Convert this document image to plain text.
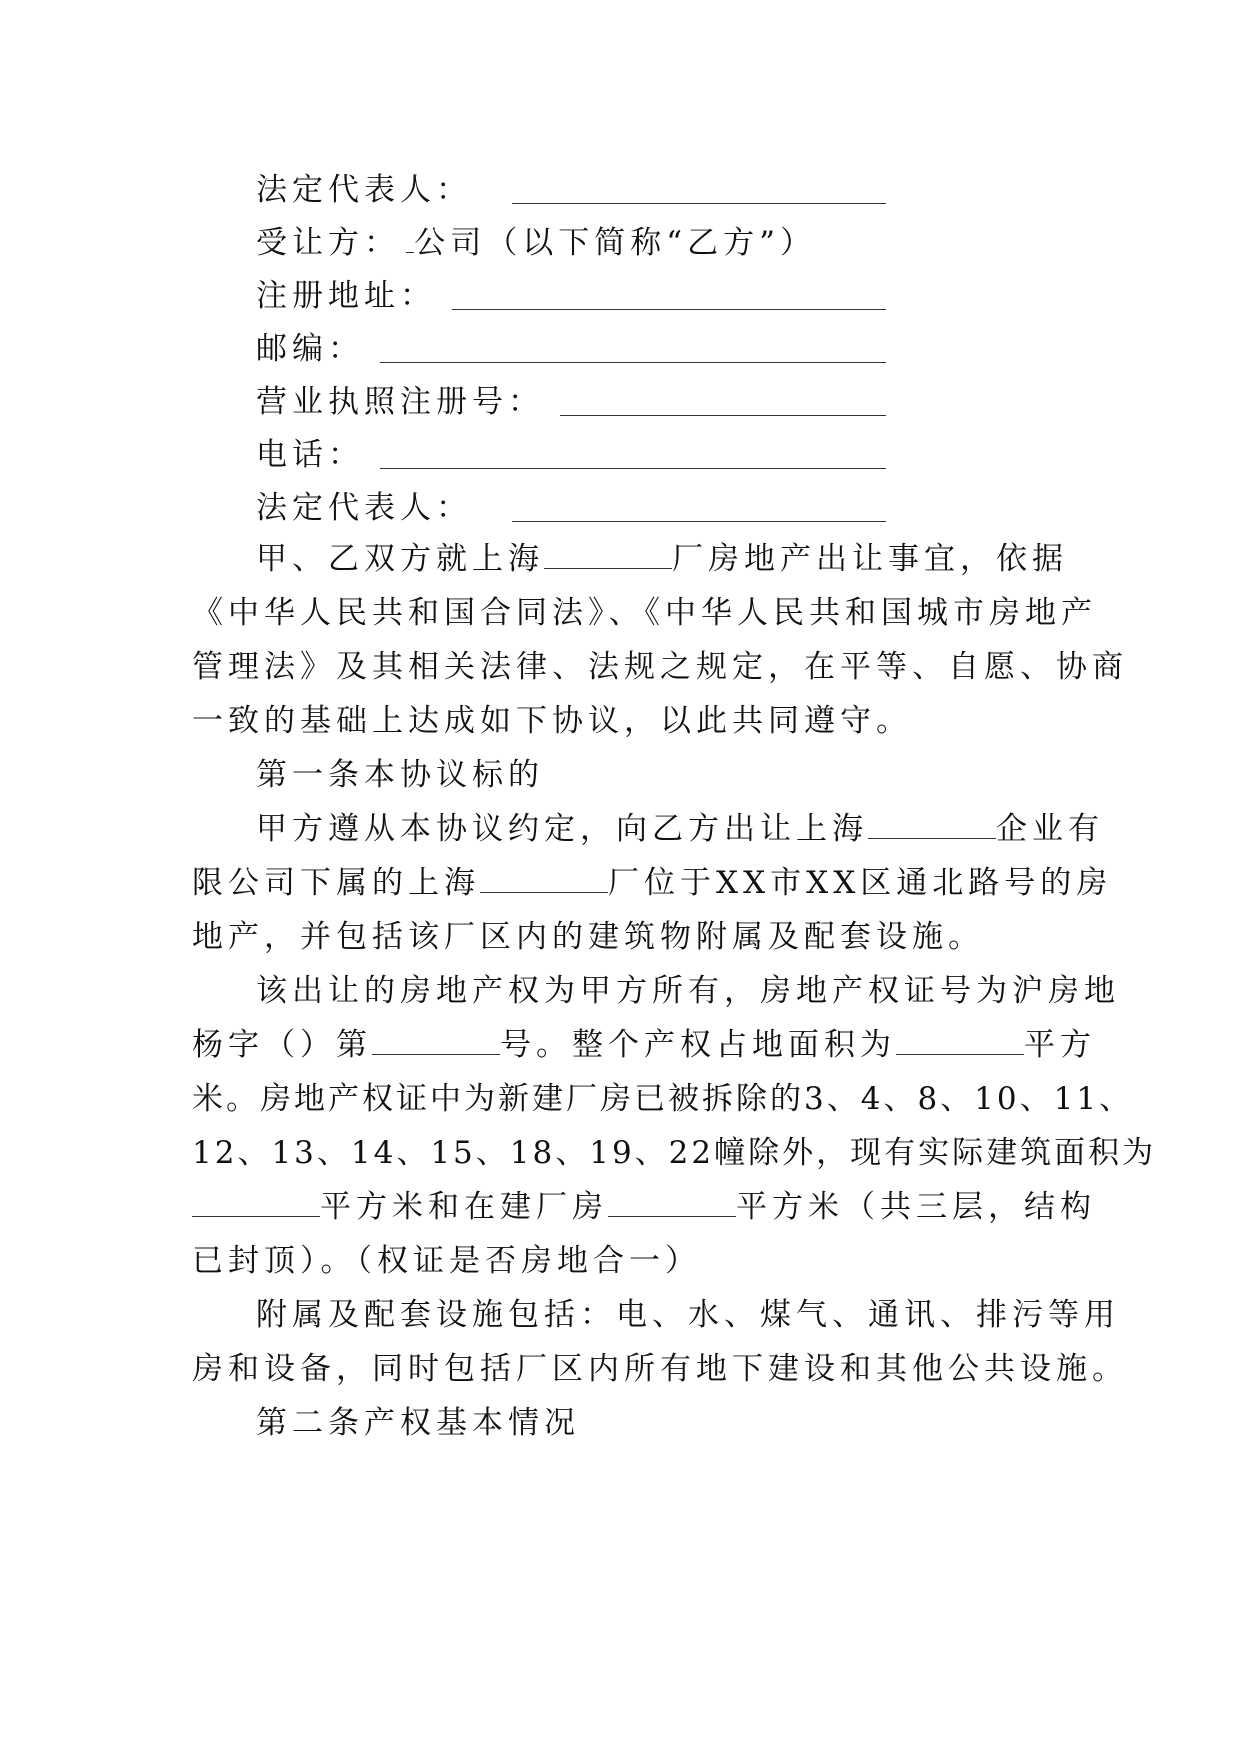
法定代表人：
受让方： 公司（以下简称“乙方”）
注册地址：
邮编：
营业执照注册号：
电话：
法定代表人：
甲、乙双方就上海	厂房地产出让事宜，依据
《中华人民共和国合同法》、《中华人民共和国城市房地产
管理法》及其相关法律、法规之规定，在平等、自愿、协商
一致的基础上达成如下协议，以此共同遵守。
第一条本协议标的
甲方遵从本协议约定，向乙方出让上海	企业有
限公司下属的上海	厂位于XX市XX区通北路号的房
地产，并包括该厂区内的建筑物附属及配套设施。
该出让的房地产权为甲方所有，房地产权证号为沪房地
杨字（）第	号。整个产权占地面积为	平方
米。房地产权证中为新建厂房已被拆除的3、4、8、10、11、
12、13、14、15、18、19、22幢除外，现有实际建筑面积为
平方米和在建厂房	平方米（共三层，结构
已封顶）。（权证是否房地合一）
附属及配套设施包括：电、水、煤气、通讯、排污等用
房和设备，同时包括厂区内所有地下建设和其他公共设施。
第二条产权基本情况
